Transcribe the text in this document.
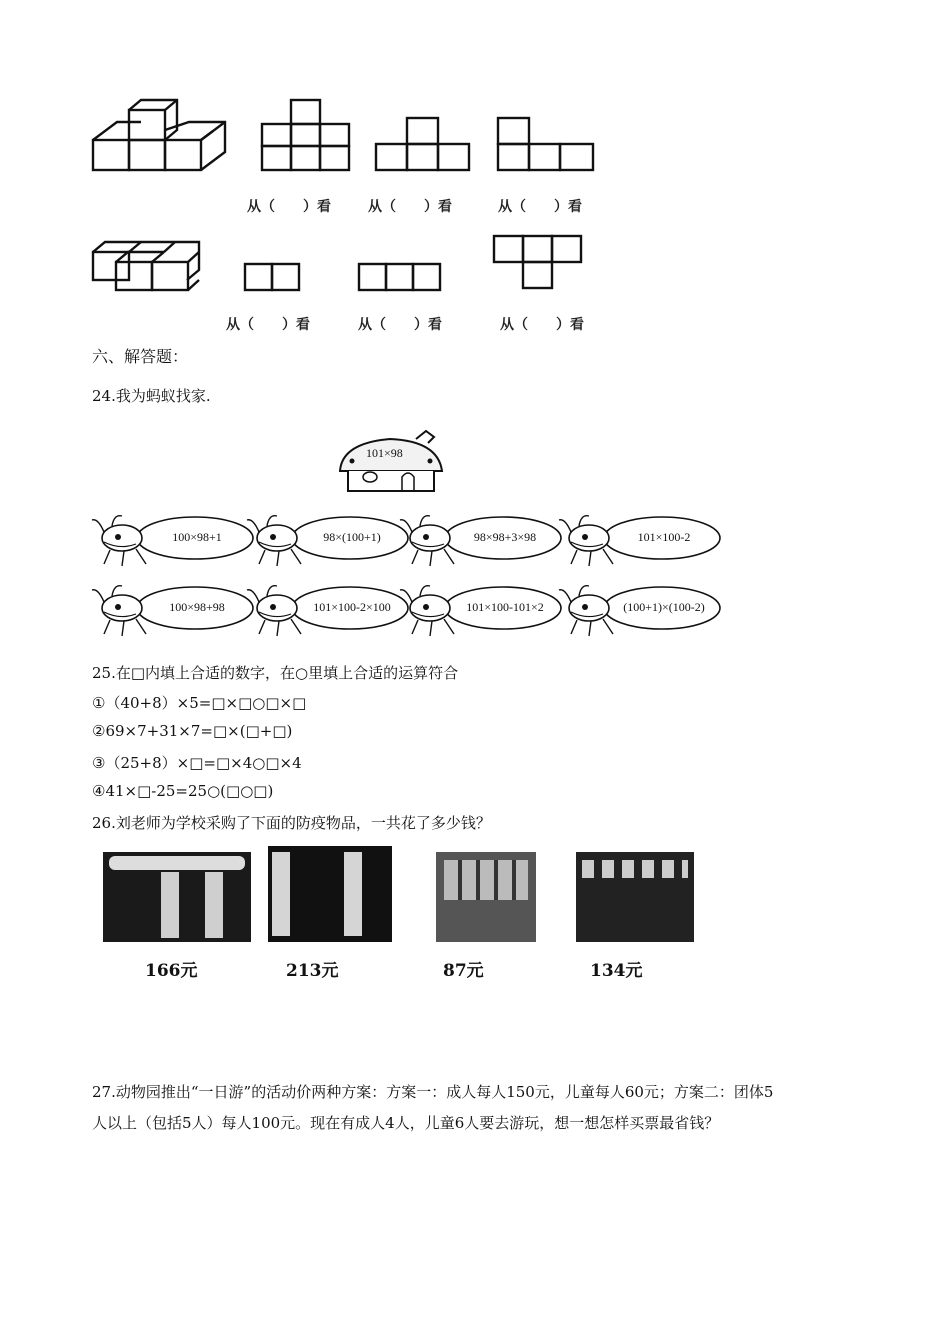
从（　　）看	从（　　）看	从（　　）看
从（　　）看	从（　　）看	从（　　）看
六、解答题：
24.我为蚂蚁找家.
101×98
100×98+1	98×(100+1)	98×98+3×98	101×100-2
100×98+98	101×100-2×100	101×100-101×2	(100+1)×(100-2)
25.在□内填上合适的数字，在○里填上合适的运算符合
①（40+8）×5=□×□○□×□
②69×7+31×7=□×(□+□)
③（25+8）×□=□×4○□×4
④41×□-25=25○(□○□)
26.刘老师为学校采购了下面的防疫物品，一共花了多少钱？
166元	213元	87元	134元
27.动物园推出“一日游”的活动价两种方案：方案一：成人每人150元，儿童每人60元；方案二：团体5
人以上（包括5人）每人100元。现在有成人4人，儿童6人要去游玩，想一想怎样买票最省钱？
